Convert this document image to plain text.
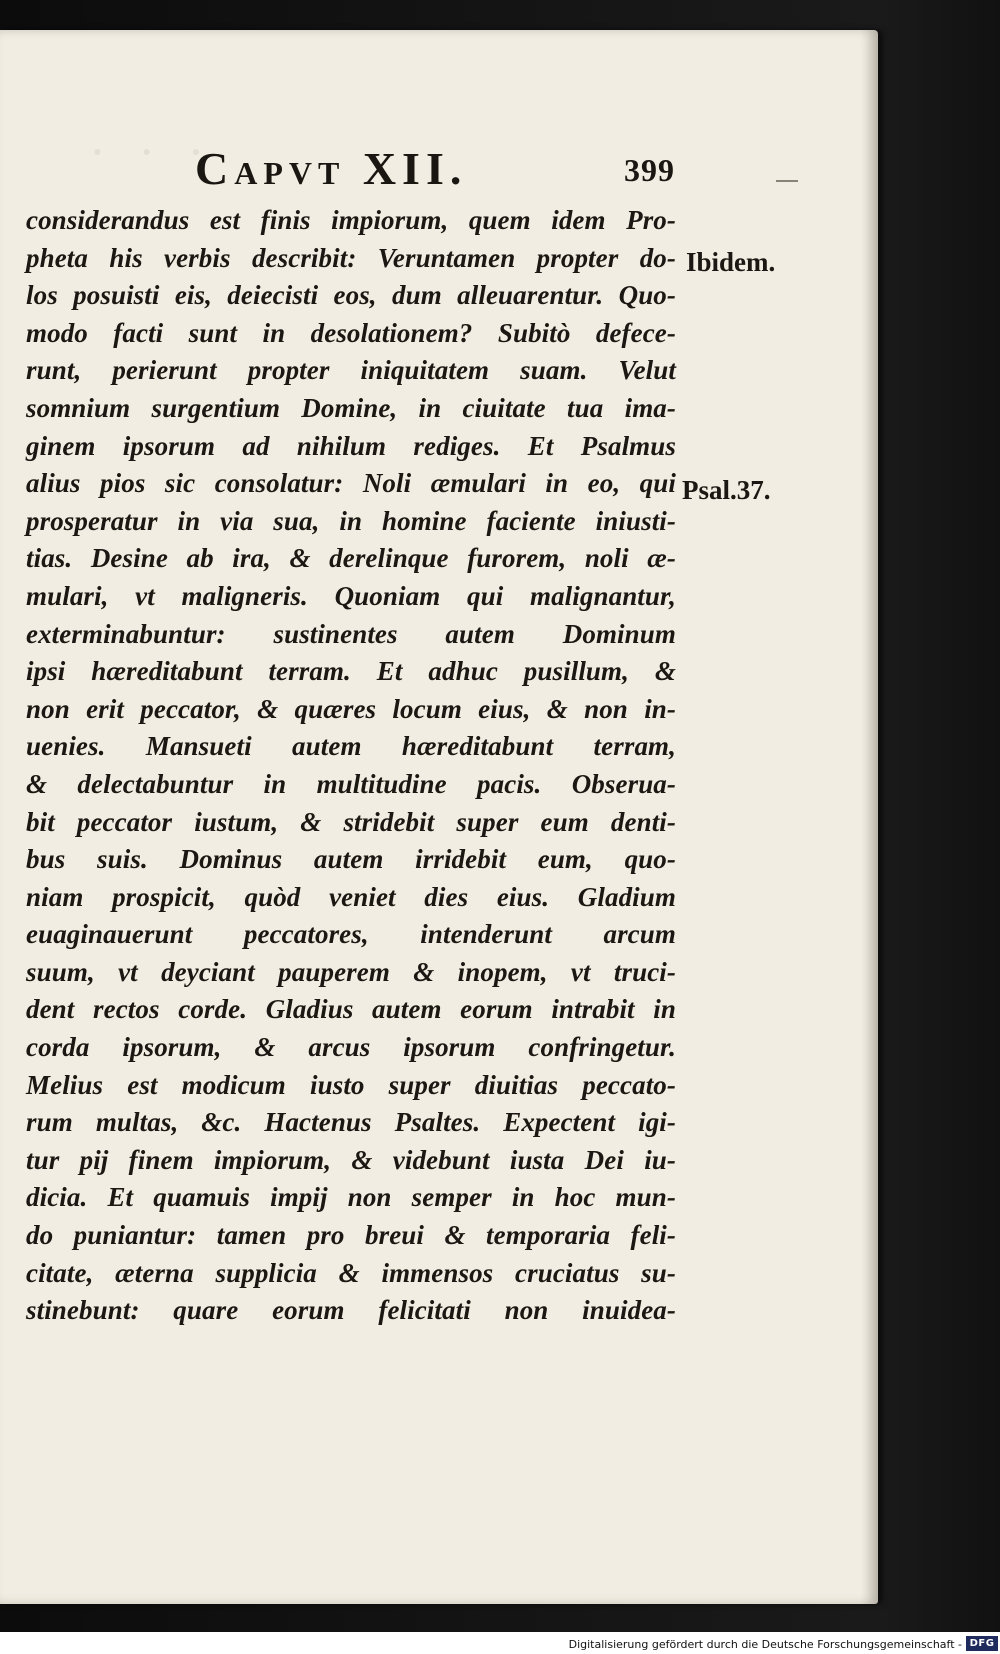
· · ·
Capvt XII.	399
considerandus est finis impiorum, quem idem Pro-
pheta his verbis describit: Veruntamen propter do-
los posuisti eis, deiecisti eos, dum alleuarentur. Quo-
modo facti sunt in desolationem? Subitò defece-
runt, perierunt propter iniquitatem suam. Velut
somnium surgentium Domine, in ciuitate tua ima-
ginem ipsorum ad nihilum rediges. Et Psalmus
alius pios sic consolatur: Noli æmulari in eo, qui
prosperatur in via sua, in homine faciente iniusti-
tias. Desine ab ira, & derelinque furorem, noli æ-
mulari, vt maligneris. Quoniam qui malignantur,
exterminabuntur: sustinentes autem Dominum
ipsi hæreditabunt terram. Et adhuc pusillum, &
non erit peccator, & quæres locum eius, & non in-
uenies. Mansueti autem hæreditabunt terram,
& delectabuntur in multitudine pacis. Obserua-
bit peccator iustum, & stridebit super eum denti-
bus suis. Dominus autem irridebit eum, quo-
niam prospicit, quòd veniet dies eius. Gladium
euaginauerunt peccatores, intenderunt arcum
suum, vt deyciant pauperem & inopem, vt truci-
dent rectos corde. Gladius autem eorum intrabit in
corda ipsorum, & arcus ipsorum confringetur.
Melius est modicum iusto super diuitias peccato-
rum multas, &c. Hactenus Psaltes. Expectent igi-
tur pij finem impiorum, & videbunt iusta Dei iu-
dicia. Et quamuis impij non semper in hoc mun-
do puniantur: tamen pro breui & temporaria feli-
citate, æterna supplicia & immensos cruciatus su-
stinebunt: quare eorum felicitati non inuidea-
Ibidem.
Psal.37.
Digitalisierung gefördert durch die Deutsche Forschungsgemeinschaft - DFG
